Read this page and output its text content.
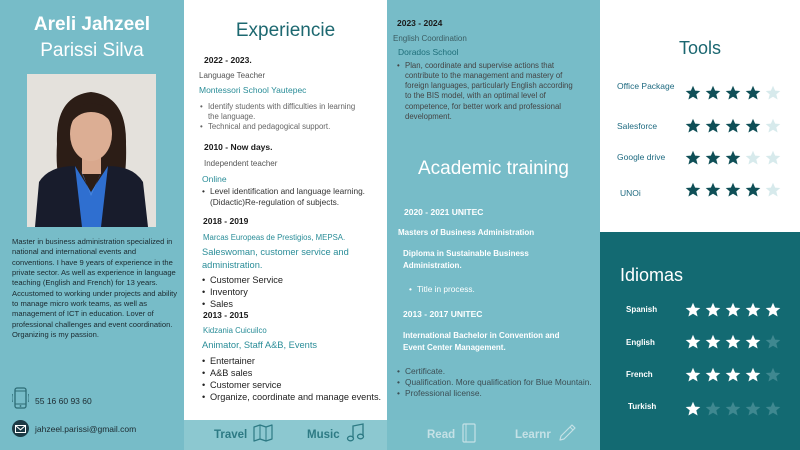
Areli Jahzeel
Parissi Silva
Master in business administration specialized in national and international events and conventions. I have 9 years of experience in the private sector. As well as experience in language teaching (English and French) for 13 years. Accustomed to working under projects and ability to manage micro work teams, as well as management of ICT in education. Lover of professional challenges and event coordination. Organizing is my passion.
55 16 60 93 60
jahzeel.parissi@gmail.com
Experiencie
2022 - 2023.
Language Teacher
Montessori School Yautepec
• Identify students with difficulties in learning the language.
• Technical and pedagogical support.
2010 - Now days.
Independent teacher
Online
• Level identification and language learning. (Didactic)Re-regulation of subjects.
2018 - 2019
Marcas Europeas de Prestigios, MEPSA.
Saleswoman, customer service and administration.
• Customer Service
• Inventory
• Sales
2013 - 2015
Kidzania Cuicuilco
Animator, Staff A&B, Events
• Entertainer
• A&B sales
• Customer service
• Organize, coordinate and manage events.
2023 - 2024
English Coordination
Dorados School
• Plan, coordinate and supervise actions that contribute to the management and mastery of foreign languages, particularly English according to the BIS model, with an optimal level of competence, for better work and professional development.
Academic training
2020 - 2021 UNITEC
Masters of Business Administration
Diploma in Sustainable Business Administration.
• Title in process.
2013 - 2017 UNITEC
International Bachelor in Convention and Event Center Management.
• Certificate.
• Qualification. More qualification for Blue Mountain.
• Professional license.
Tools
Office Package
Salesforce
Google drive
UNOi
Idiomas
Spanish
English
French
Turkish
Travel	Music	Read	Learnr
